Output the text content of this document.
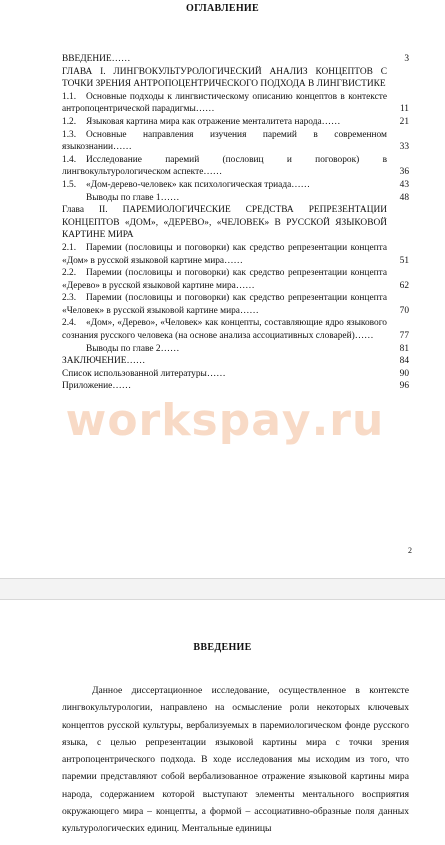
ОГЛАВЛЕНИЕ
ВВЕДЕНИЕ……	3
ГЛАВА I. ЛИНГВОКУЛЬТУРОЛОГИЧЕСКИЙ АНАЛИЗ КОНЦЕПТОВ С ТОЧКИ ЗРЕНИЯ АНТРОПОЦЕНТРИЧЕСКОГО ПОДХОДА В ЛИНГВИСТИКЕ
1.1. Основные подходы к лингвистическому описанию концептов в контексте антропоцентрической парадигмы……	11
1.2. Языковая картина мира как отражение менталитета народа……	21
1.3. Основные направления изучения паремий в современном языкознании……	33
1.4. Исследование паремий (пословиц и поговорок) в лингвокультурологическом аспекте……	36
1.5. «Дом-дерево-человек» как психологическая триада……	43
Выводы по главе 1……	48
Глава II. ПАРЕМИОЛОГИЧЕСКИЕ СРЕДСТВА РЕПРЕЗЕНТАЦИИ КОНЦЕПТОВ «ДОМ», «ДЕРЕВО», «ЧЕЛОВЕК» В РУССКОЙ ЯЗЫКОВОЙ КАРТИНЕ МИРА
2.1. Паремии (пословицы и поговорки) как средство репрезентации концепта «Дом» в русской языковой картине мира……	51
2.2. Паремии (пословицы и поговорки) как средство репрезентации концепта «Дерево» в русской языковой картине мира……	62
2.3. Паремии (пословицы и поговорки) как средство репрезентации концепта «Человек» в русской языковой картине мира……	70
2.4. «Дом», «Дерево», «Человек» как концепты, составляющие ядро языкового сознания русского человека (на основе анализа ассоциативных словарей)……	77
Выводы по главе 2……	81
ЗАКЛЮЧЕНИЕ……	84
Список использованной литературы……	90
Приложение……	96
worksрау.ru
2
ВВЕДЕНИЕ
Данное диссертационное исследование, осуществленное в контексте лингвокультурологии, направлено на осмысление роли некоторых ключевых концептов русской культуры, вербализуемых в паремиологическом фонде русского языка, с целью репрезентации языковой картины мира с точки зрения антропоцентрического подхода. В ходе исследования мы исходим из того, что паремии представляют собой вербализованное отражение языковой картины мира народа, содержанием которой выступают элементы ментального восприятия окружающего мира – концепты, а формой – ассоциативно-образные поля данных культурологических единиц. Ментальные единицы
